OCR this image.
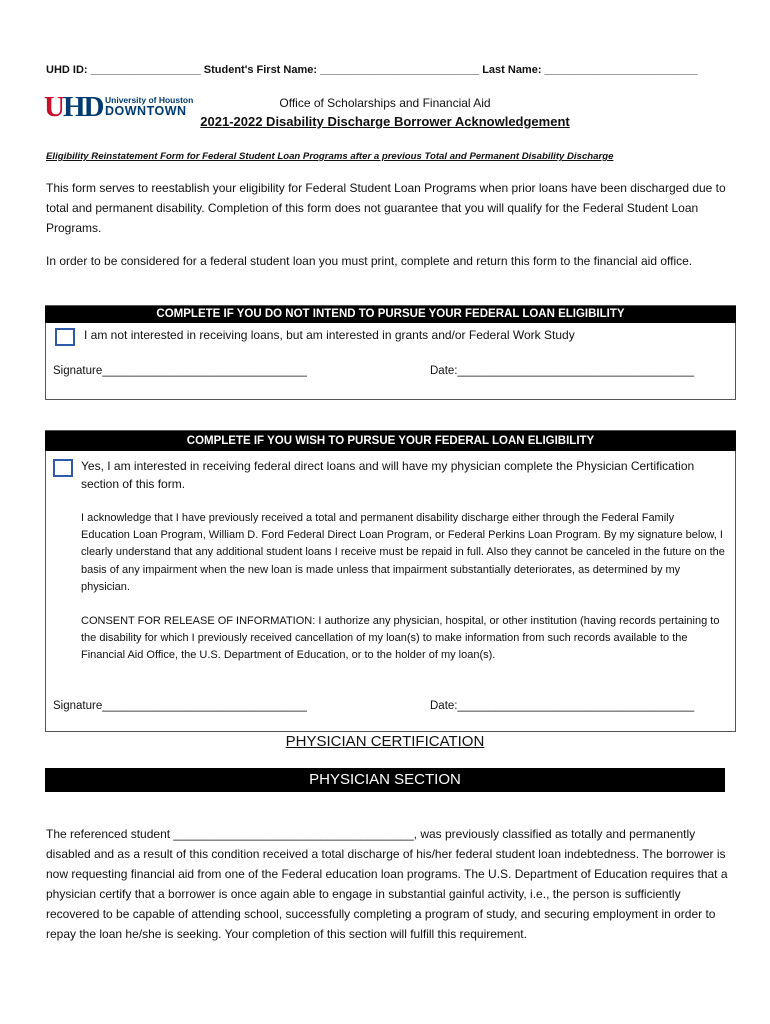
UHD ID: __________________ Student's First Name: __________________________ Last Name: _________________________
UHD University of Houston
DOWNTOWN
Office of Scholarships and Financial Aid
2021-2022 Disability Discharge Borrower Acknowledgement
Eligibility Reinstatement Form for Federal Student Loan Programs after a previous Total and Permanent Disability Discharge
This form serves to reestablish your eligibility for Federal Student Loan Programs when prior loans have been discharged due to total and permanent disability. Completion of this form does not guarantee that you will qualify for the Federal Student Loan Programs.
In order to be considered for a federal student loan you must print, complete and return this form to the financial aid office.
COMPLETE IF YOU DO NOT INTEND TO PURSUE YOUR FEDERAL LOAN ELIGIBILITY
I am not interested in receiving loans, but am interested in grants and/or Federal Work Study
Signature________________________________	Date:_____________________________________
COMPLETE IF YOU WISH TO PURSUE YOUR FEDERAL LOAN ELIGIBILITY
Yes, I am interested in receiving federal direct loans and will have my physician complete the Physician Certification section of this form.
I acknowledge that I have previously received a total and permanent disability discharge either through the Federal Family Education Loan Program, William D. Ford Federal Direct Loan Program, or Federal Perkins Loan Program. By my signature below, I clearly understand that any additional student loans I receive must be repaid in full. Also they cannot be canceled in the future on the basis of any impairment when the new loan is made unless that impairment substantially deteriorates, as determined by my physician.
CONSENT FOR RELEASE OF INFORMATION: I authorize any physician, hospital, or other institution (having records pertaining to the disability for which I previously received cancellation of my loan(s) to make information from such records available to the Financial Aid Office, the U.S. Department of Education, or to the holder of my loan(s).
Signature________________________________	Date:_____________________________________
PHYSICIAN CERTIFICATION
PHYSICIAN SECTION
The referenced student ____________________________________, was previously classified as totally and permanently disabled and as a result of this condition received a total discharge of his/her federal student loan indebtedness. The borrower is now requesting financial aid from one of the Federal education loan programs. The U.S. Department of Education requires that a physician certify that a borrower is once again able to engage in substantial gainful activity, i.e., the person is sufficiently recovered to be capable of attending school, successfully completing a program of study, and securing employment in order to repay the loan he/she is seeking. Your completion of this section will fulfill this requirement.
